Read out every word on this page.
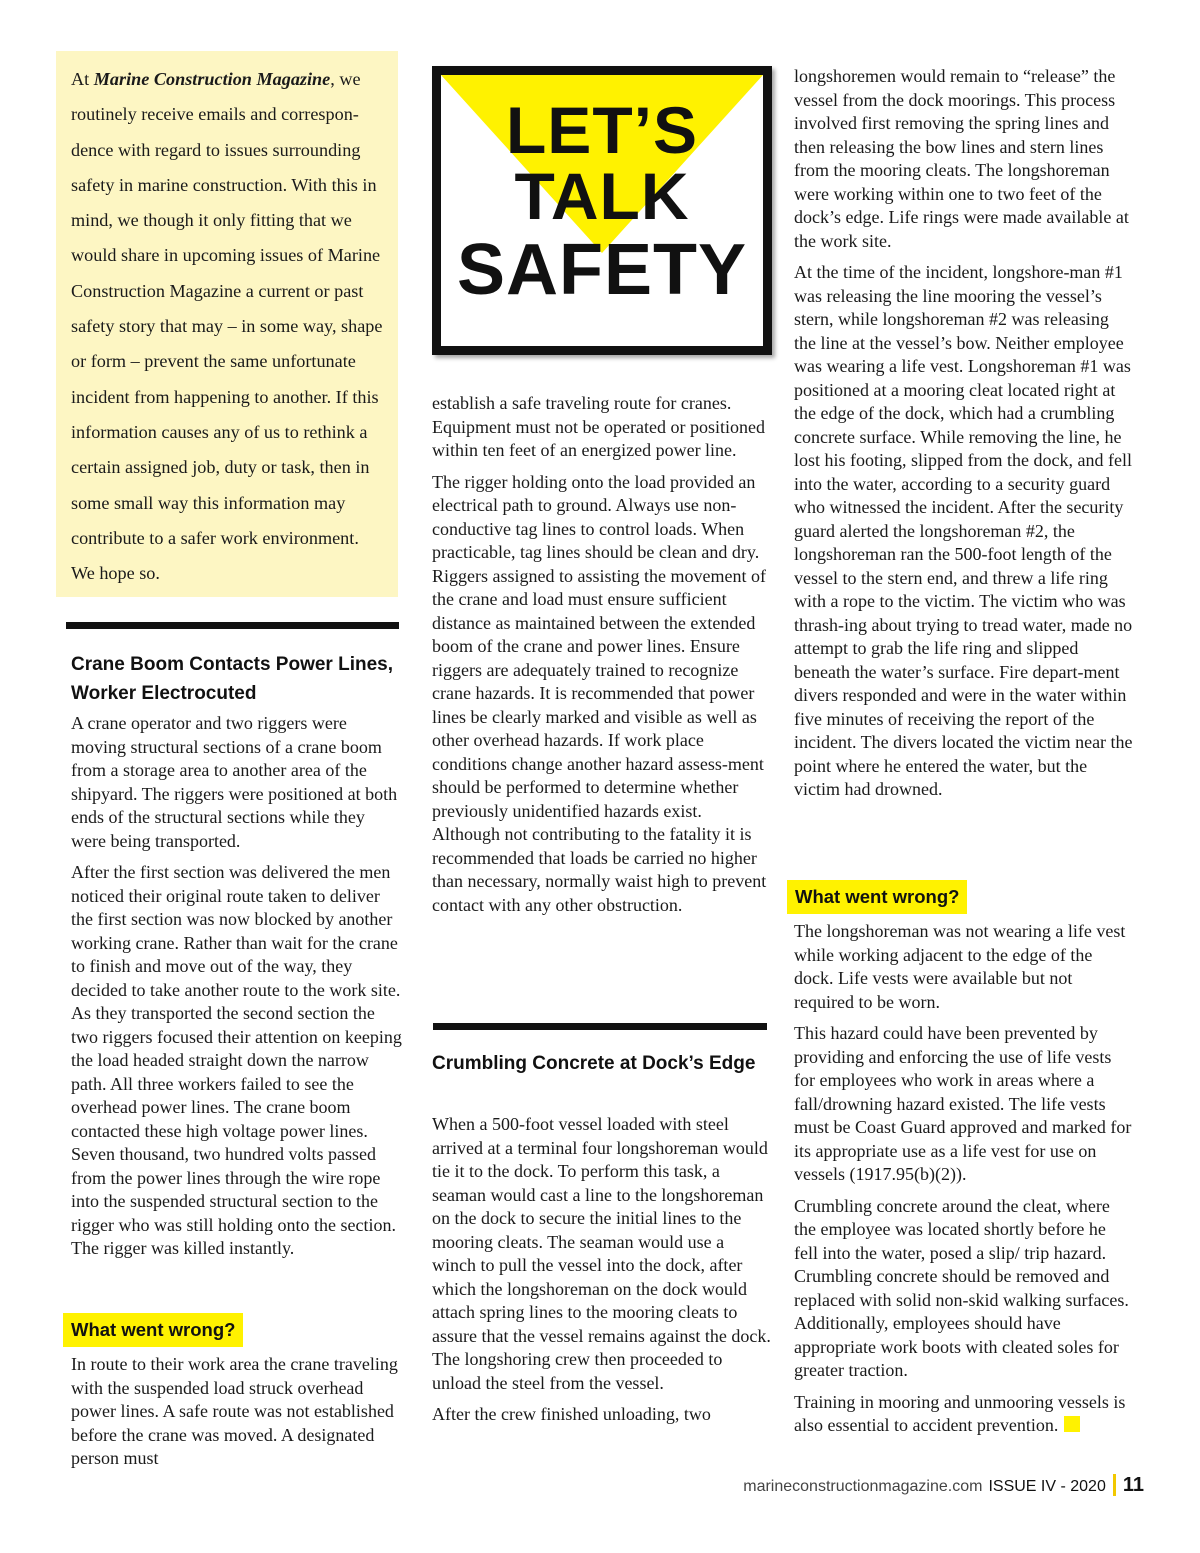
At Marine Construction Magazine, we routinely receive emails and correspon-dence with regard to issues surrounding safety in marine construction. With this in mind, we though it only fitting that we would share in upcoming issues of Marine Construction Magazine a current or past safety story that may – in some way, shape or form – prevent the same unfortunate incident from happening to another. If this information causes any of us to rethink a certain assigned job, duty or task, then in some small way this information may contribute to a safer work environment. We hope so.
LET’S
TALK
SAFETY
Crane Boom Contacts Power Lines, Worker Electrocuted

A crane operator and two riggers were moving structural sections of a crane boom from a storage area to another area of the shipyard. The riggers were positioned at both ends of the structural sections while they were being transported.

After the first section was delivered the men noticed their original route taken to deliver the first section was now blocked by another working crane. Rather than wait for the crane to finish and move out of the way, they decided to take another route to the work site. As they transported the second section the two riggers focused their attention on keeping the load headed straight down the narrow path. All three workers failed to see the overhead power lines. The crane boom contacted these high voltage power lines. Seven thousand, two hundred volts passed from the power lines through the wire rope into the suspended structural section to the rigger who was still holding onto the section. The rigger was killed instantly.

What went wrong?

In route to their work area the crane traveling with the suspended load struck overhead power lines. A safe route was not established before the crane was moved. A designated person must

establish a safe traveling route for cranes. Equipment must not be operated or positioned within ten feet of an energized power line.

The rigger holding onto the load provided an electrical path to ground. Always use non-conductive tag lines to control loads. When practicable, tag lines should be clean and dry. Riggers assigned to assisting the movement of the crane and load must ensure sufficient distance as maintained between the extended boom of the crane and power lines. Ensure riggers are adequately trained to recognize crane hazards. It is recommended that power lines be clearly marked and visible as well as other overhead hazards. If work place conditions change another hazard assess-ment should be performed to determine whether previously unidentified hazards exist. Although not contributing to the fatality it is recommended that loads be carried no higher than necessary, normally waist high to prevent contact with any other obstruction.

Crumbling Concrete at Dock’s Edge

When a 500-foot vessel loaded with steel arrived at a terminal four longshoreman would tie it to the dock. To perform this task, a seaman would cast a line to the longshoreman on the dock to secure the initial lines to the mooring cleats. The seaman would use a winch to pull the vessel into the dock, after which the longshoreman on the dock would attach spring lines to the mooring cleats to assure that the vessel remains against the dock. The longshoring crew then proceeded to unload the steel from the vessel.

After the crew finished unloading, two

longshoremen would remain to “release” the vessel from the dock moorings. This process involved first removing the spring lines and then releasing the bow lines and stern lines from the mooring cleats. The longshoreman were working within one to two feet of the dock’s edge. Life rings were made available at the work site.

At the time of the incident, longshore-man #1 was releasing the line mooring the vessel’s stern, while longshoreman #2 was releasing the line at the vessel’s bow. Neither employee was wearing a life vest. Longshoreman #1 was positioned at a mooring cleat located right at the edge of the dock, which had a crumbling concrete surface. While removing the line, he lost his footing, slipped from the dock, and fell into the water, according to a security guard who witnessed the incident. After the security guard alerted the longshoreman #2, the longshoreman ran the 500-foot length of the vessel to the stern end, and threw a life ring with a rope to the victim. The victim who was thrash-ing about trying to tread water, made no attempt to grab the life ring and slipped beneath the water’s surface. Fire depart-ment divers responded and were in the water within five minutes of receiving the report of the incident. The divers located the victim near the point where he entered the water, but the victim had drowned.

What went wrong?

The longshoreman was not wearing a life vest while working adjacent to the edge of the dock. Life vests were available but not required to be worn.

This hazard could have been prevented by providing and enforcing the use of life vests for employees who work in areas where a fall/drowning hazard existed. The life vests must be Coast Guard approved and marked for its appropriate use as a life vest for use on vessels (1917.95(b)(2)).

Crumbling concrete around the cleat, where the employee was located shortly before he fell into the water, posed a slip/ trip hazard. Crumbling concrete should be removed and replaced with solid non-skid walking surfaces. Additionally, employees should have appropriate work boots with cleated soles for greater traction.

Training in mooring and unmooring vessels is also essential to accident prevention.

marineconstructionmagazine.com ISSUE IV - 2020 11
